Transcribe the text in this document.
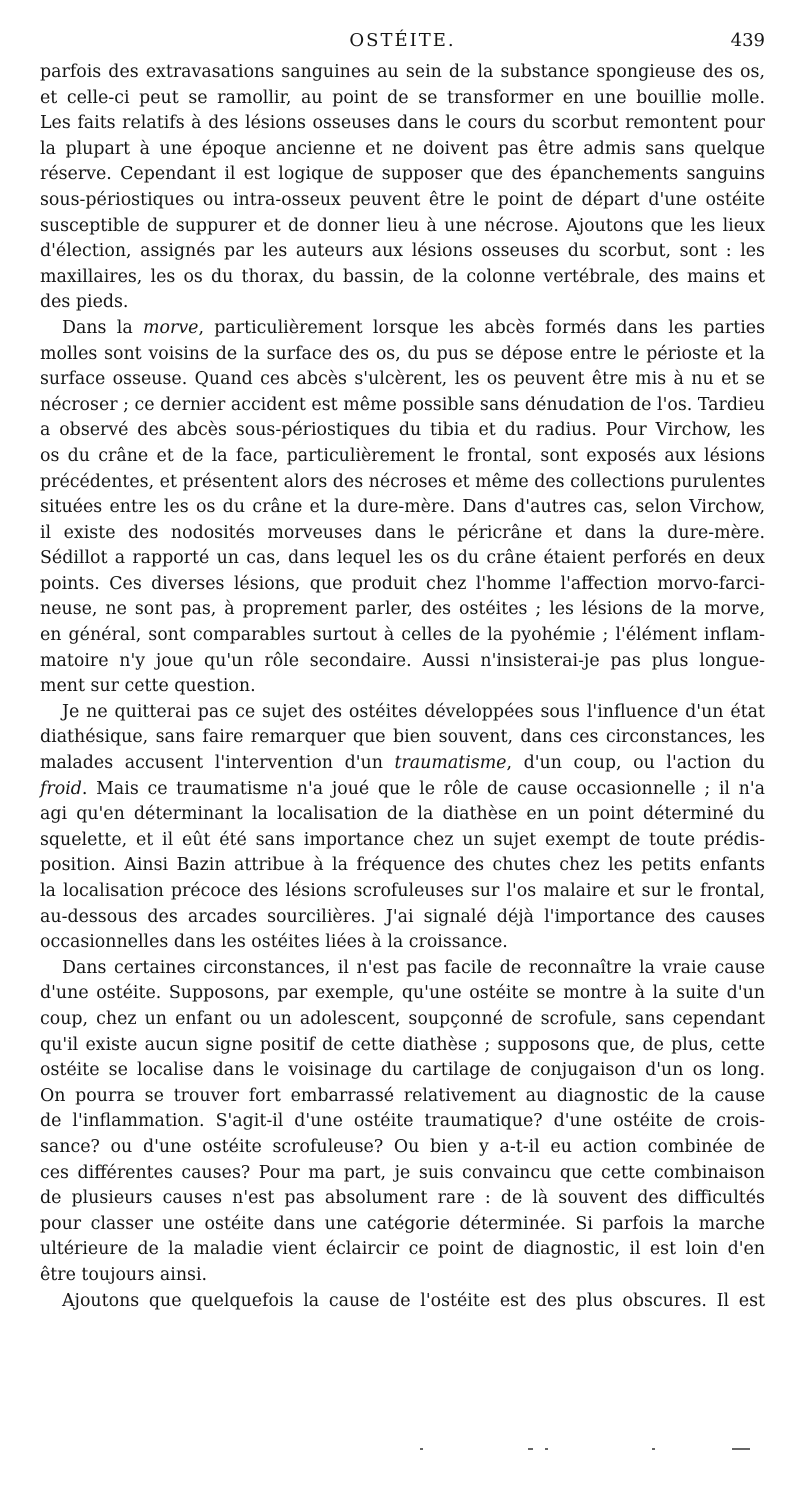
OSTÉITE.	439
parfois des extravasations sanguines au sein de la substance spongieuse des os,
et celle-ci peut se ramollir, au point de se transformer en une bouillie molle.
Les faits relatifs à des lésions osseuses dans le cours du scorbut remontent pour
la plupart à une époque ancienne et ne doivent pas être admis sans quelque
réserve. Cependant il est logique de supposer que des épanchements sanguins
sous-périostiques ou intra-osseux peuvent être le point de départ d'une ostéite
susceptible de suppurer et de donner lieu à une nécrose. Ajoutons que les lieux
d'élection, assignés par les auteurs aux lésions osseuses du scorbut, sont : les
maxillaires, les os du thorax, du bassin, de la colonne vertébrale, des mains et
des pieds.
Dans la morve, particulièrement lorsque les abcès formés dans les parties
molles sont voisins de la surface des os, du pus se dépose entre le périoste et la
surface osseuse. Quand ces abcès s'ulcèrent, les os peuvent être mis à nu et se
nécroser ; ce dernier accident est même possible sans dénudation de l'os. Tardieu
a observé des abcès sous-périostiques du tibia et du radius. Pour Virchow, les
os du crâne et de la face, particulièrement le frontal, sont exposés aux lésions
précédentes, et présentent alors des nécroses et même des collections purulentes
situées entre les os du crâne et la dure-mère. Dans d'autres cas, selon Virchow,
il existe des nodosités morveuses dans le péricrâne et dans la dure-mère.
Sédillot a rapporté un cas, dans lequel les os du crâne étaient perforés en deux
points. Ces diverses lésions, que produit chez l'homme l'affection morvo-farci-
neuse, ne sont pas, à proprement parler, des ostéites ; les lésions de la morve,
en général, sont comparables surtout à celles de la pyohémie ; l'élément inflam-
matoire n'y joue qu'un rôle secondaire. Aussi n'insisterai-je pas plus longue-
ment sur cette question.
Je ne quitterai pas ce sujet des ostéites développées sous l'influence d'un état
diathésique, sans faire remarquer que bien souvent, dans ces circonstances, les
malades accusent l'intervention d'un traumatisme, d'un coup, ou l'action du
froid. Mais ce traumatisme n'a joué que le rôle de cause occasionnelle ; il n'a
agi qu'en déterminant la localisation de la diathèse en un point déterminé du
squelette, et il eût été sans importance chez un sujet exempt de toute prédis-
position. Ainsi Bazin attribue à la fréquence des chutes chez les petits enfants
la localisation précoce des lésions scrofuleuses sur l'os malaire et sur le frontal,
au-dessous des arcades sourcilières. J'ai signalé déjà l'importance des causes
occasionnelles dans les ostéites liées à la croissance.
Dans certaines circonstances, il n'est pas facile de reconnaître la vraie cause
d'une ostéite. Supposons, par exemple, qu'une ostéite se montre à la suite d'un
coup, chez un enfant ou un adolescent, soupçonné de scrofule, sans cependant
qu'il existe aucun signe positif de cette diathèse ; supposons que, de plus, cette
ostéite se localise dans le voisinage du cartilage de conjugaison d'un os long.
On pourra se trouver fort embarrassé relativement au diagnostic de la cause
de l'inflammation. S'agit-il d'une ostéite traumatique? d'une ostéite de crois-
sance? ou d'une ostéite scrofuleuse? Ou bien y a-t-il eu action combinée de
ces différentes causes? Pour ma part, je suis convaincu que cette combinaison
de plusieurs causes n'est pas absolument rare : de là souvent des difficultés
pour classer une ostéite dans une catégorie déterminée. Si parfois la marche
ultérieure de la maladie vient éclaircir ce point de diagnostic, il est loin d'en
être toujours ainsi.
Ajoutons que quelquefois la cause de l'ostéite est des plus obscures. Il est
